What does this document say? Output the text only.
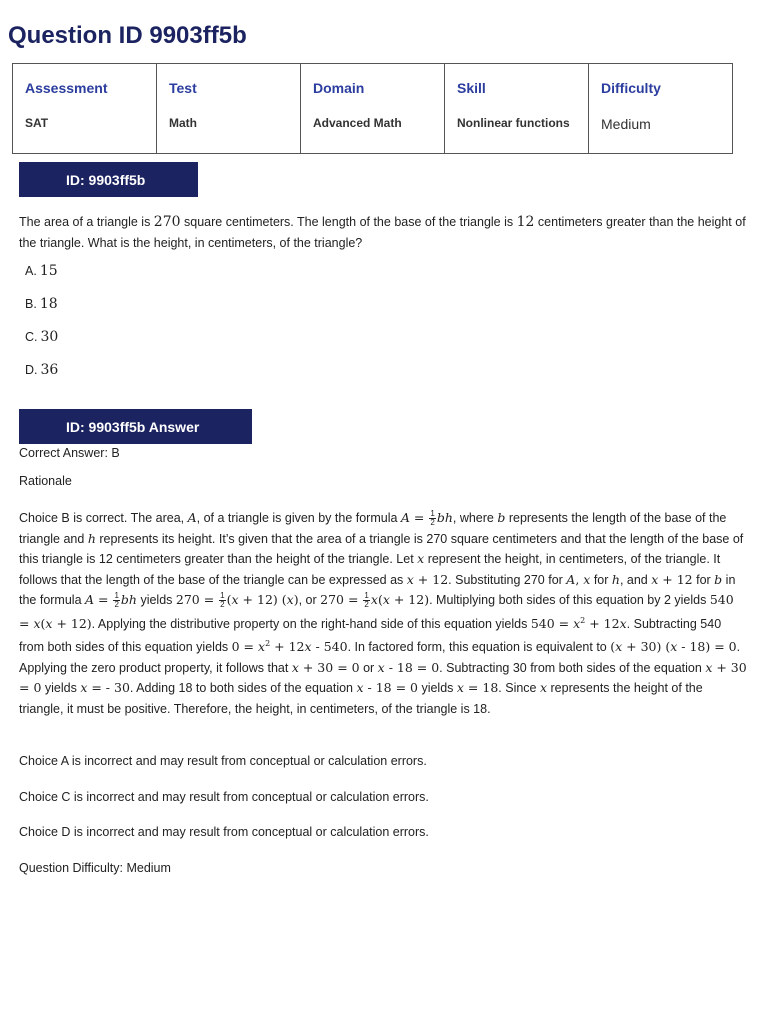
Question ID 9903ff5b
Assessment	Test	Domain	Skill	Difficulty
SAT	Math	Advanced Math	Nonlinear functions	Medium
ID: 9903ff5b
The area of a triangle is 270 square centimeters. The length of the base of the triangle is 12 centimeters greater than the height of the triangle. What is the height, in centimeters, of the triangle?
A. 15
B. 18
C. 30
D. 36
ID: 9903ff5b Answer
Correct Answer: B
Rationale
Choice B is correct. The area, A, of a triangle is given by the formula $A = \frac{1}{2}$ bh, where b represents the length of the base of the triangle and h represents its height. It’s given that the area of a triangle is 270 square centimeters and that the length of the base of this triangle is 12 centimeters greater than the height of the triangle. Let x represent the height, in centimeters, of the triangle. It follows that the length of the base of the triangle can be expressed as x + 12. Substituting 270 for A, x for h, and x + 12 for b in the formula $A = \frac{1}{2}$ bh yields $270 = \frac{1}{2} (x + 12)$ (x), or $270 = \frac{1}{2} x(x + 12)$. Multiplying both sides of this equation by 2 yields 540 = x(x + 12). Applying the distributive property on the right-hand side of this equation yields $540 = x^2 + 12x$. Subtracting 540 from both sides of this equation yields $0 = x^2 + 12x - 540$. In factored form, this equation is equivalent to (x + 30) (x - 18) = 0. Applying the zero product property, it follows that x + 30 = 0 or x - 18 = 0. Subtracting 30 from both sides of the equation x + 30 = 0 yields x = - 30. Adding 18 to both sides of the equation x - 18 = 0 yields x = 18. Since x represents the height of the triangle, it must be positive. Therefore, the height, in centimeters, of the triangle is 18.
Choice A is incorrect and may result from conceptual or calculation errors.
Choice C is incorrect and may result from conceptual or calculation errors.
Choice D is incorrect and may result from conceptual or calculation errors.
Question Difficulty: Medium
